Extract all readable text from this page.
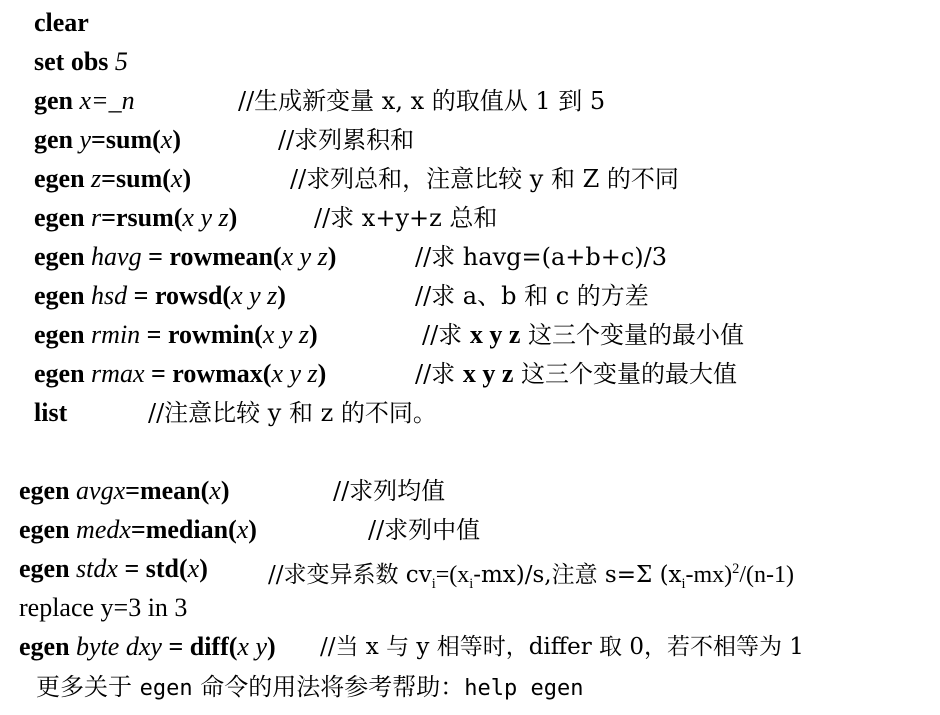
clear
set obs 5
gen x=_n	//生成新变量 x, x 的取值从 1 到 5
gen y=sum(x)	//求列累积和
egen z=sum(x)	//求列总和，注意比较 y 和 Z 的不同
egen r=rsum(x y z)	//求 x+y+z 总和
egen havg = rowmean(x y z)	//求 havg=(a+b+c)/3
egen hsd = rowsd(x y z)	//求 a、b 和 c 的方差
egen rmin = rowmin(x y z)	//求 x y z 这三个变量的最小值
egen rmax = rowmax(x y z)	//求 x y z 这三个变量的最大值
list	//注意比较 y 和 z 的不同。
egen avgx=mean(x)	//求列均值
egen medx=median(x)	//求列中值
egen stdx = std(x)	//求变异系数 $cv_i=(x_i-mx)/s$,注意 s=Σ $(x_i-mx)^2/(n-1)$
replace y=3 in 3
egen byte dxy = diff(x y) //当 x 与 y 相等时，differ 取 0，若不相等为 1
更多关于 egen 命令的用法将参考帮助：help egen
